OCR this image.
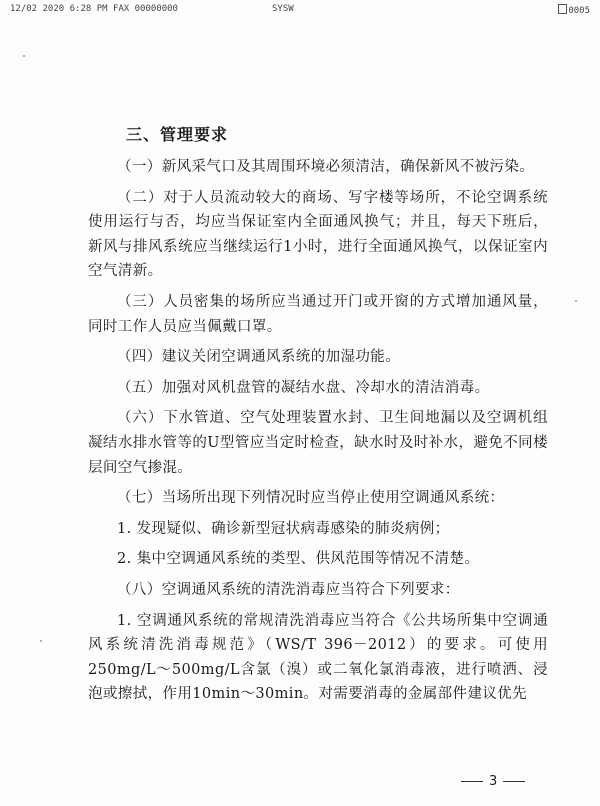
12/02 2020 6:28 PM FAX 00000000	SYSW	0005
三、管理要求

（一）新风采气口及其周围环境必须清洁，确保新风不被污染。

（二）对于人员流动较大的商场、写字楼等场所，不论空调系统使用运行与否，均应当保证室内全面通风换气；并且，每天下班后，新风与排风系统应当继续运行1小时，进行全面通风换气，以保证室内空气清新。

（三）人员密集的场所应当通过开门或开窗的方式增加通风量，同时工作人员应当佩戴口罩。

（四）建议关闭空调通风系统的加湿功能。

（五）加强对风机盘管的凝结水盘、冷却水的清洁消毒。

（六）下水管道、空气处理装置水封、卫生间地漏以及空调机组凝结水排水管等的U型管应当定时检查，缺水时及时补水，避免不同楼层间空气掺混。

（七）当场所出现下列情况时应当停止使用空调通风系统：

1. 发现疑似、确诊新型冠状病毒感染的肺炎病例；

2. 集中空调通风系统的类型、供风范围等情况不清楚。

（八）空调通风系统的清洗消毒应当符合下列要求：

1. 空调通风系统的常规清洗消毒应当符合《公共场所集中空调通风系统清洗消毒规范》（WS/T 396－2012）的要求。可使用250mg/L～500mg/L含氯（溴）或二氧化氯消毒液，进行喷洒、浸泡或擦拭，作用10min～30min。对需要消毒的金属部件建议优先

3
